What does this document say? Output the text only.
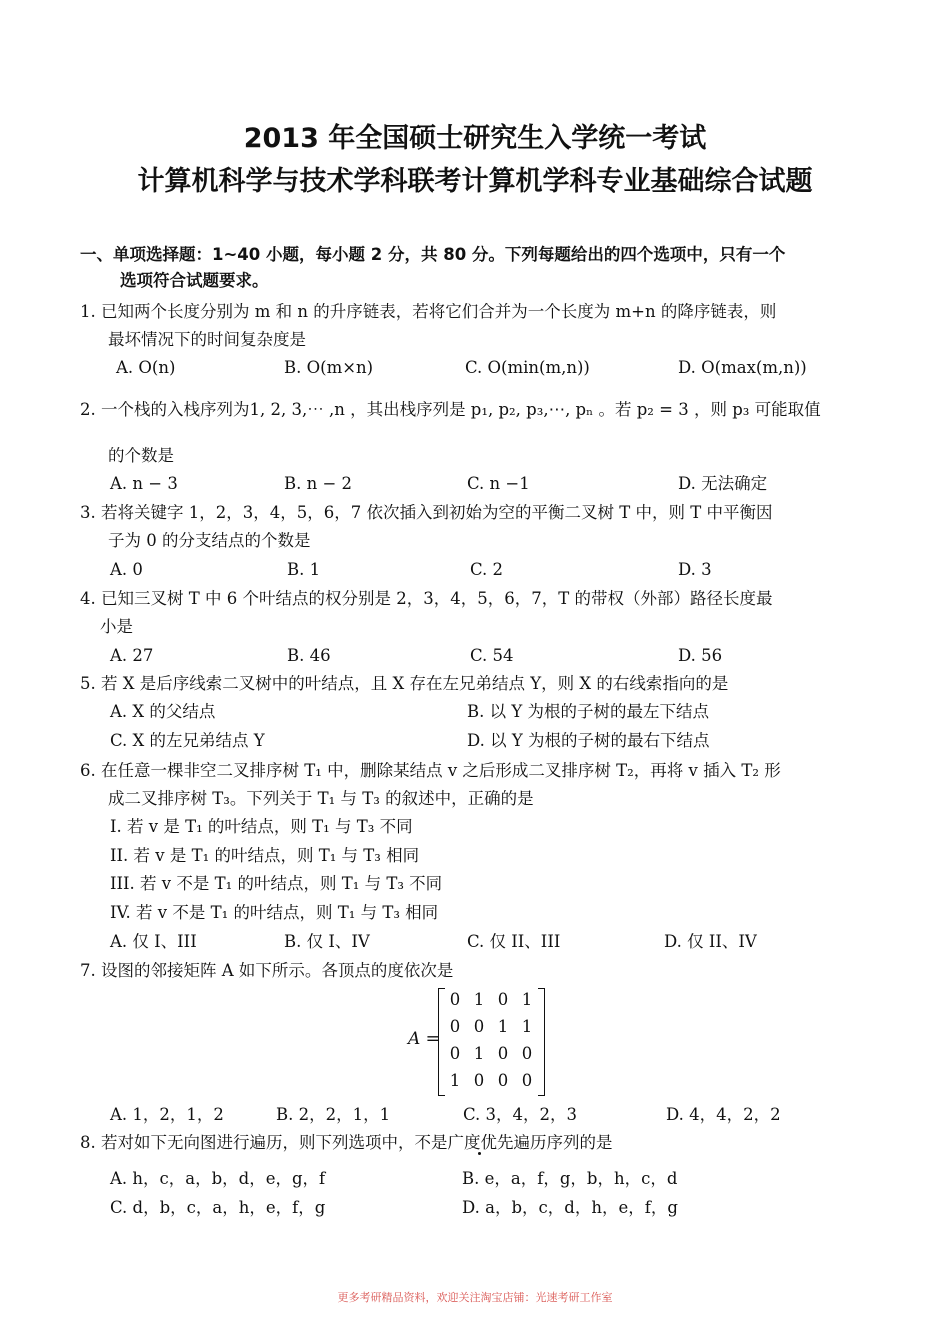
2013 年全国硕士研究生入学统一考试
计算机科学与技术学科联考计算机学科专业基础综合试题
一、单项选择题：1~40 小题，每小题 2 分，共 80 分。下列每题给出的四个选项中，只有一个
选项符合试题要求。
1. 已知两个长度分别为 m 和 n 的升序链表，若将它们合并为一个长度为 m+n 的降序链表，则
最坏情况下的时间复杂度是
A. O(n)	B. O(m×n)	C. O(min(m,n))	D. O(max(m,n))
2. 一个栈的入栈序列为1, 2, 3,⋯ ,n ，其出栈序列是 p₁, p₂, p₃,⋯, pₙ 。若 p₂ = 3 ，则 p₃ 可能取值
的个数是
A. n − 3	B. n − 2	C. n −1	D. 无法确定
3. 若将关键字 1，2，3，4，5，6，7 依次插入到初始为空的平衡二叉树 T 中，则 T 中平衡因
子为 0 的分支结点的个数是
A. 0	B. 1	C. 2	D. 3
4. 已知三叉树 T 中 6 个叶结点的权分别是 2，3，4，5，6，7，T 的带权（外部）路径长度最
小是
A. 27	B. 46	C. 54	D. 56
5. 若 X 是后序线索二叉树中的叶结点，且 X 存在左兄弟结点 Y，则 X 的右线索指向的是
A. X 的父结点	B. 以 Y 为根的子树的最左下结点
C. X 的左兄弟结点 Y	D. 以 Y 为根的子树的最右下结点
6. 在任意一棵非空二叉排序树 T₁ 中，删除某结点 v 之后形成二叉排序树 T₂，再将 v 插入 T₂ 形
成二叉排序树 T₃。下列关于 T₁ 与 T₃ 的叙述中，正确的是
I. 若 v 是 T₁ 的叶结点，则 T₁ 与 T₃ 不同
II. 若 v 是 T₁ 的叶结点，则 T₁ 与 T₃ 相同
III. 若 v 不是 T₁ 的叶结点，则 T₁ 与 T₃ 不同
IV. 若 v 不是 T₁ 的叶结点，则 T₁ 与 T₃ 相同
A. 仅 I、III	B. 仅 I、IV	C. 仅 II、III	D. 仅 II、IV
7. 设图的邻接矩阵 A 如下所示。各顶点的度依次是
A =
0 1 0 1
0 0 1 1
0 1 0 0
1 0 0 0
A. 1，2，1，2	B. 2，2，1，1	C. 3，4，2，3	D. 4，4，2，2
8. 若对如下无向图进行遍历，则下列选项中，不是广度优先遍历序列的是
A. h，c，a，b，d，e，g，f	B. e，a，f，g，b，h，c，d
C. d，b，c，a，h，e，f，g	D. a，b，c，d，h，e，f，g
更多考研精品资料，欢迎关注淘宝店铺：光速考研工作室
